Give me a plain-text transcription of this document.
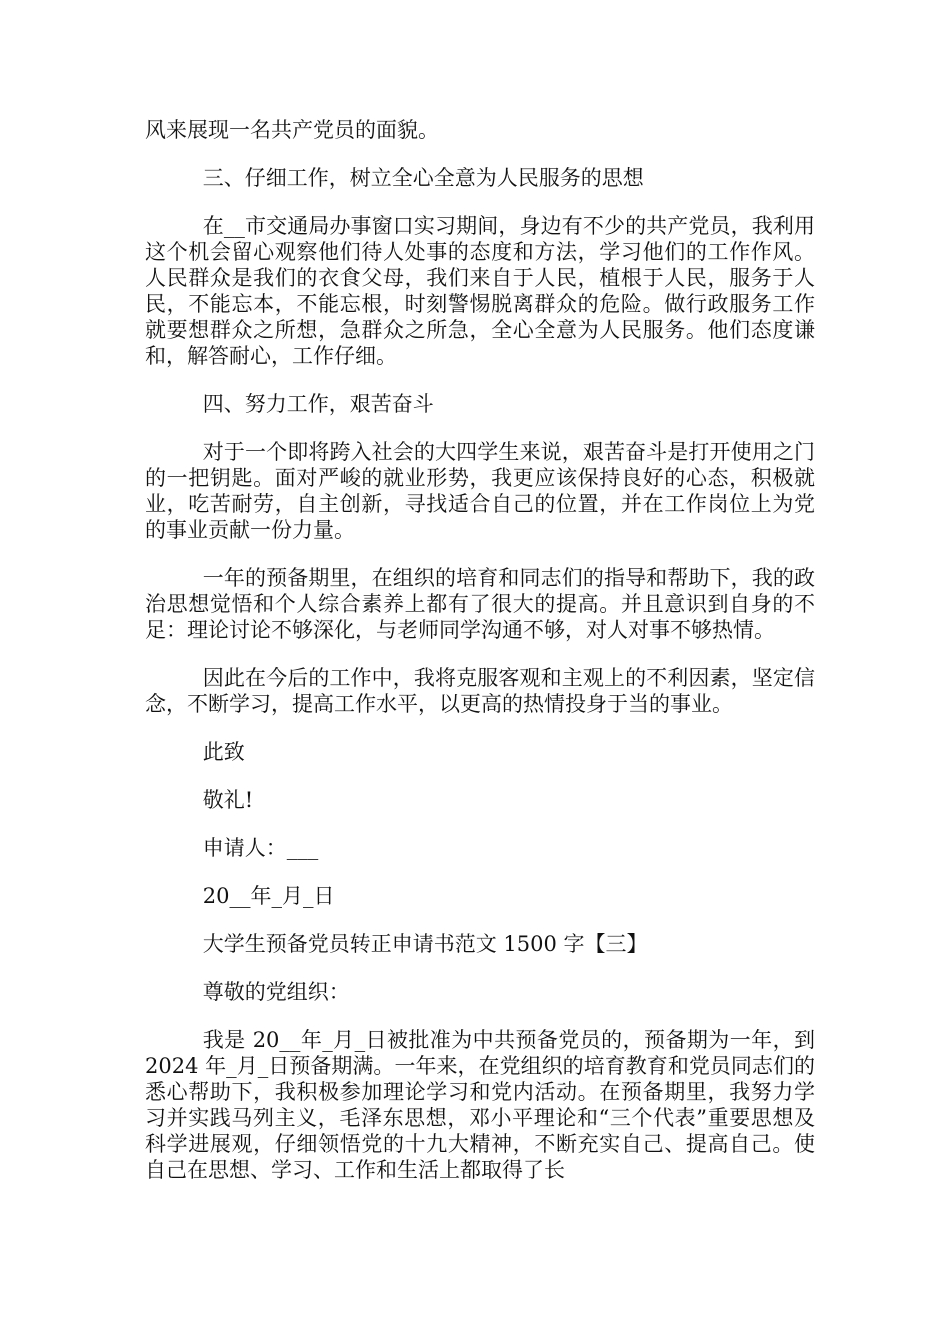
风来展现一名共产党员的面貌。

三、仔细工作，树立全心全意为人民服务的思想

在__市交通局办事窗口实习期间，身边有不少的共产党员，我利用这个机会留心观察他们待人处事的态度和方法，学习他们的工作作风。人民群众是我们的衣食父母，我们来自于人民，植根于人民，服务于人民，不能忘本，不能忘根，时刻警惕脱离群众的危险。做行政服务工作就要想群众之所想，急群众之所急，全心全意为人民服务。他们态度谦和，解答耐心，工作仔细。

四、努力工作，艰苦奋斗

对于一个即将跨入社会的大四学生来说，艰苦奋斗是打开使用之门的一把钥匙。面对严峻的就业形势，我更应该保持良好的心态，积极就业，吃苦耐劳，自主创新，寻找适合自己的位置，并在工作岗位上为党的事业贡献一份力量。

一年的预备期里，在组织的培育和同志们的指导和帮助下，我的政治思想觉悟和个人综合素养上都有了很大的提高。并且意识到自身的不足：理论讨论不够深化，与老师同学沟通不够，对人对事不够热情。

因此在今后的工作中，我将克服客观和主观上的不利因素，坚定信念，不断学习，提高工作水平，以更高的热情投身于当的事业。

此致

敬礼!

申请人：___

20__年_月_日

大学生预备党员转正申请书范文 1500 字【三】

尊敬的党组织：

我是 20__年_月_日被批准为中共预备党员的，预备期为一年，到 2024 年_月_日预备期满。一年来，在党组织的培育教育和党员同志们的悉心帮助下，我积极参加理论学习和党内活动。在预备期里，我努力学习并实践马列主义，毛泽东思想，邓小平理论和“三个代表”重要思想及科学进展观，仔细领悟党的十九大精神，不断充实自己、提高自己。使自己在思想、学习、工作和生活上都取得了长
